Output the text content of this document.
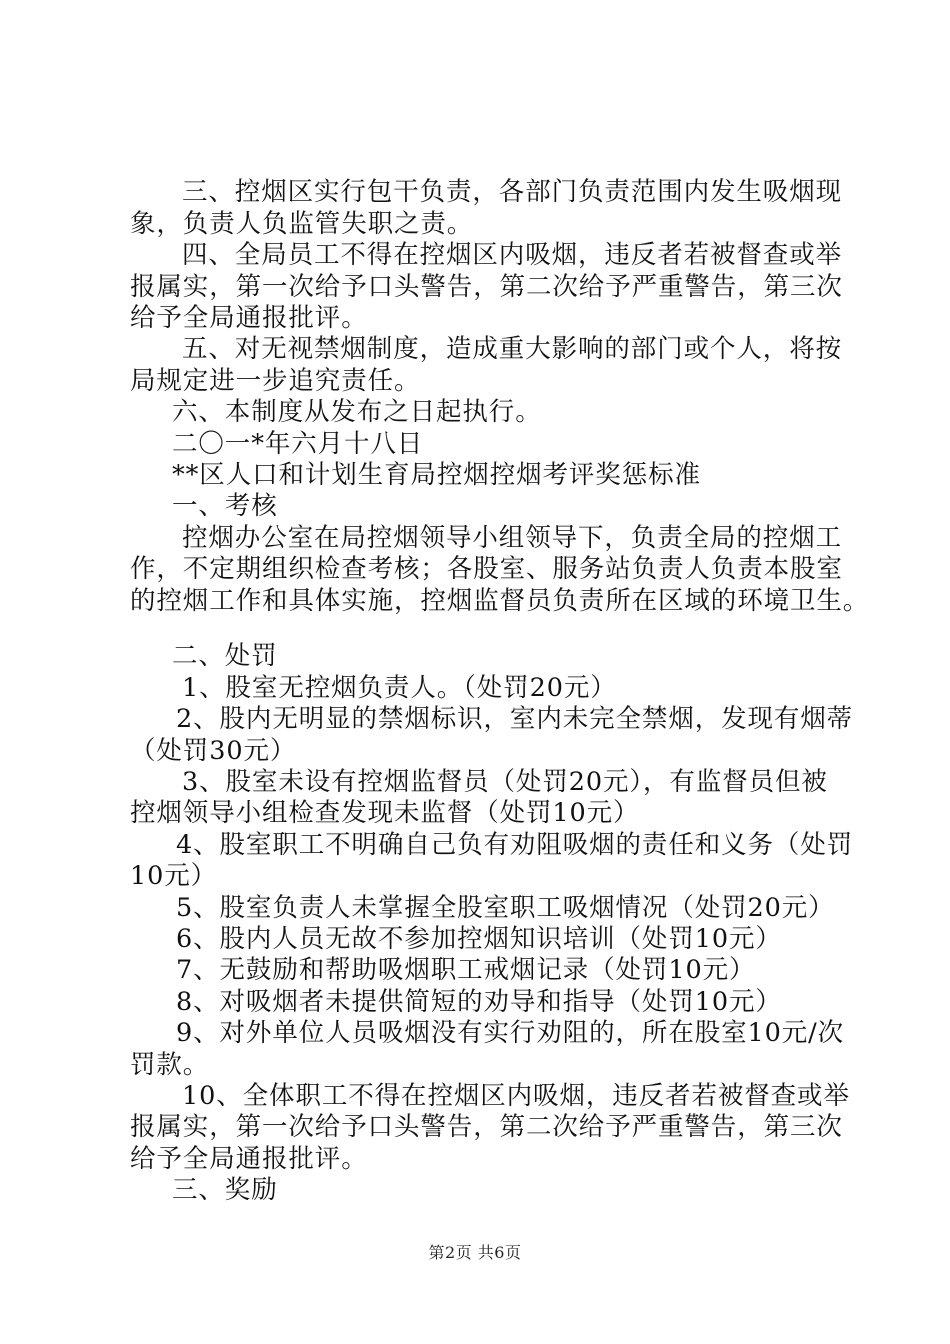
三、控烟区实行包干负责，各部门负责范围内发生吸烟现
象，负责人负监管失职之责。
四、全局员工不得在控烟区内吸烟，违反者若被督查或举
报属实，第一次给予口头警告，第二次给予严重警告，第三次
给予全局通报批评。
五、对无视禁烟制度，造成重大影响的部门或个人，将按
局规定进一步追究责任。
六、本制度从发布之日起执行。
二〇一*年六月十八日
**区人口和计划生育局控烟控烟考评奖惩标准
一、考核
控烟办公室在局控烟领导小组领导下，负责全局的控烟工
作，不定期组织检查考核；各股室、服务站负责人负责本股室
的控烟工作和具体实施，控烟监督员负责所在区域的环境卫生。
二、处罚
1、股室无控烟负责人。（处罚20元）
2、股内无明显的禁烟标识，室内未完全禁烟，发现有烟蒂
（处罚30元）
3、股室未设有控烟监督员（处罚20元），有监督员但被
控烟领导小组检查发现未监督（处罚10元）
4、股室职工不明确自己负有劝阻吸烟的责任和义务（处罚
10元）
5、股室负责人未掌握全股室职工吸烟情况（处罚20元）
6、股内人员无故不参加控烟知识培训（处罚10元）
7、无鼓励和帮助吸烟职工戒烟记录（处罚10元）
8、对吸烟者未提供简短的劝导和指导（处罚10元）
9、对外单位人员吸烟没有实行劝阻的，所在股室10元/次
罚款。
10、全体职工不得在控烟区内吸烟，违反者若被督查或举
报属实，第一次给予口头警告，第二次给予严重警告，第三次
给予全局通报批评。
三、奖励
第2页 共6页
